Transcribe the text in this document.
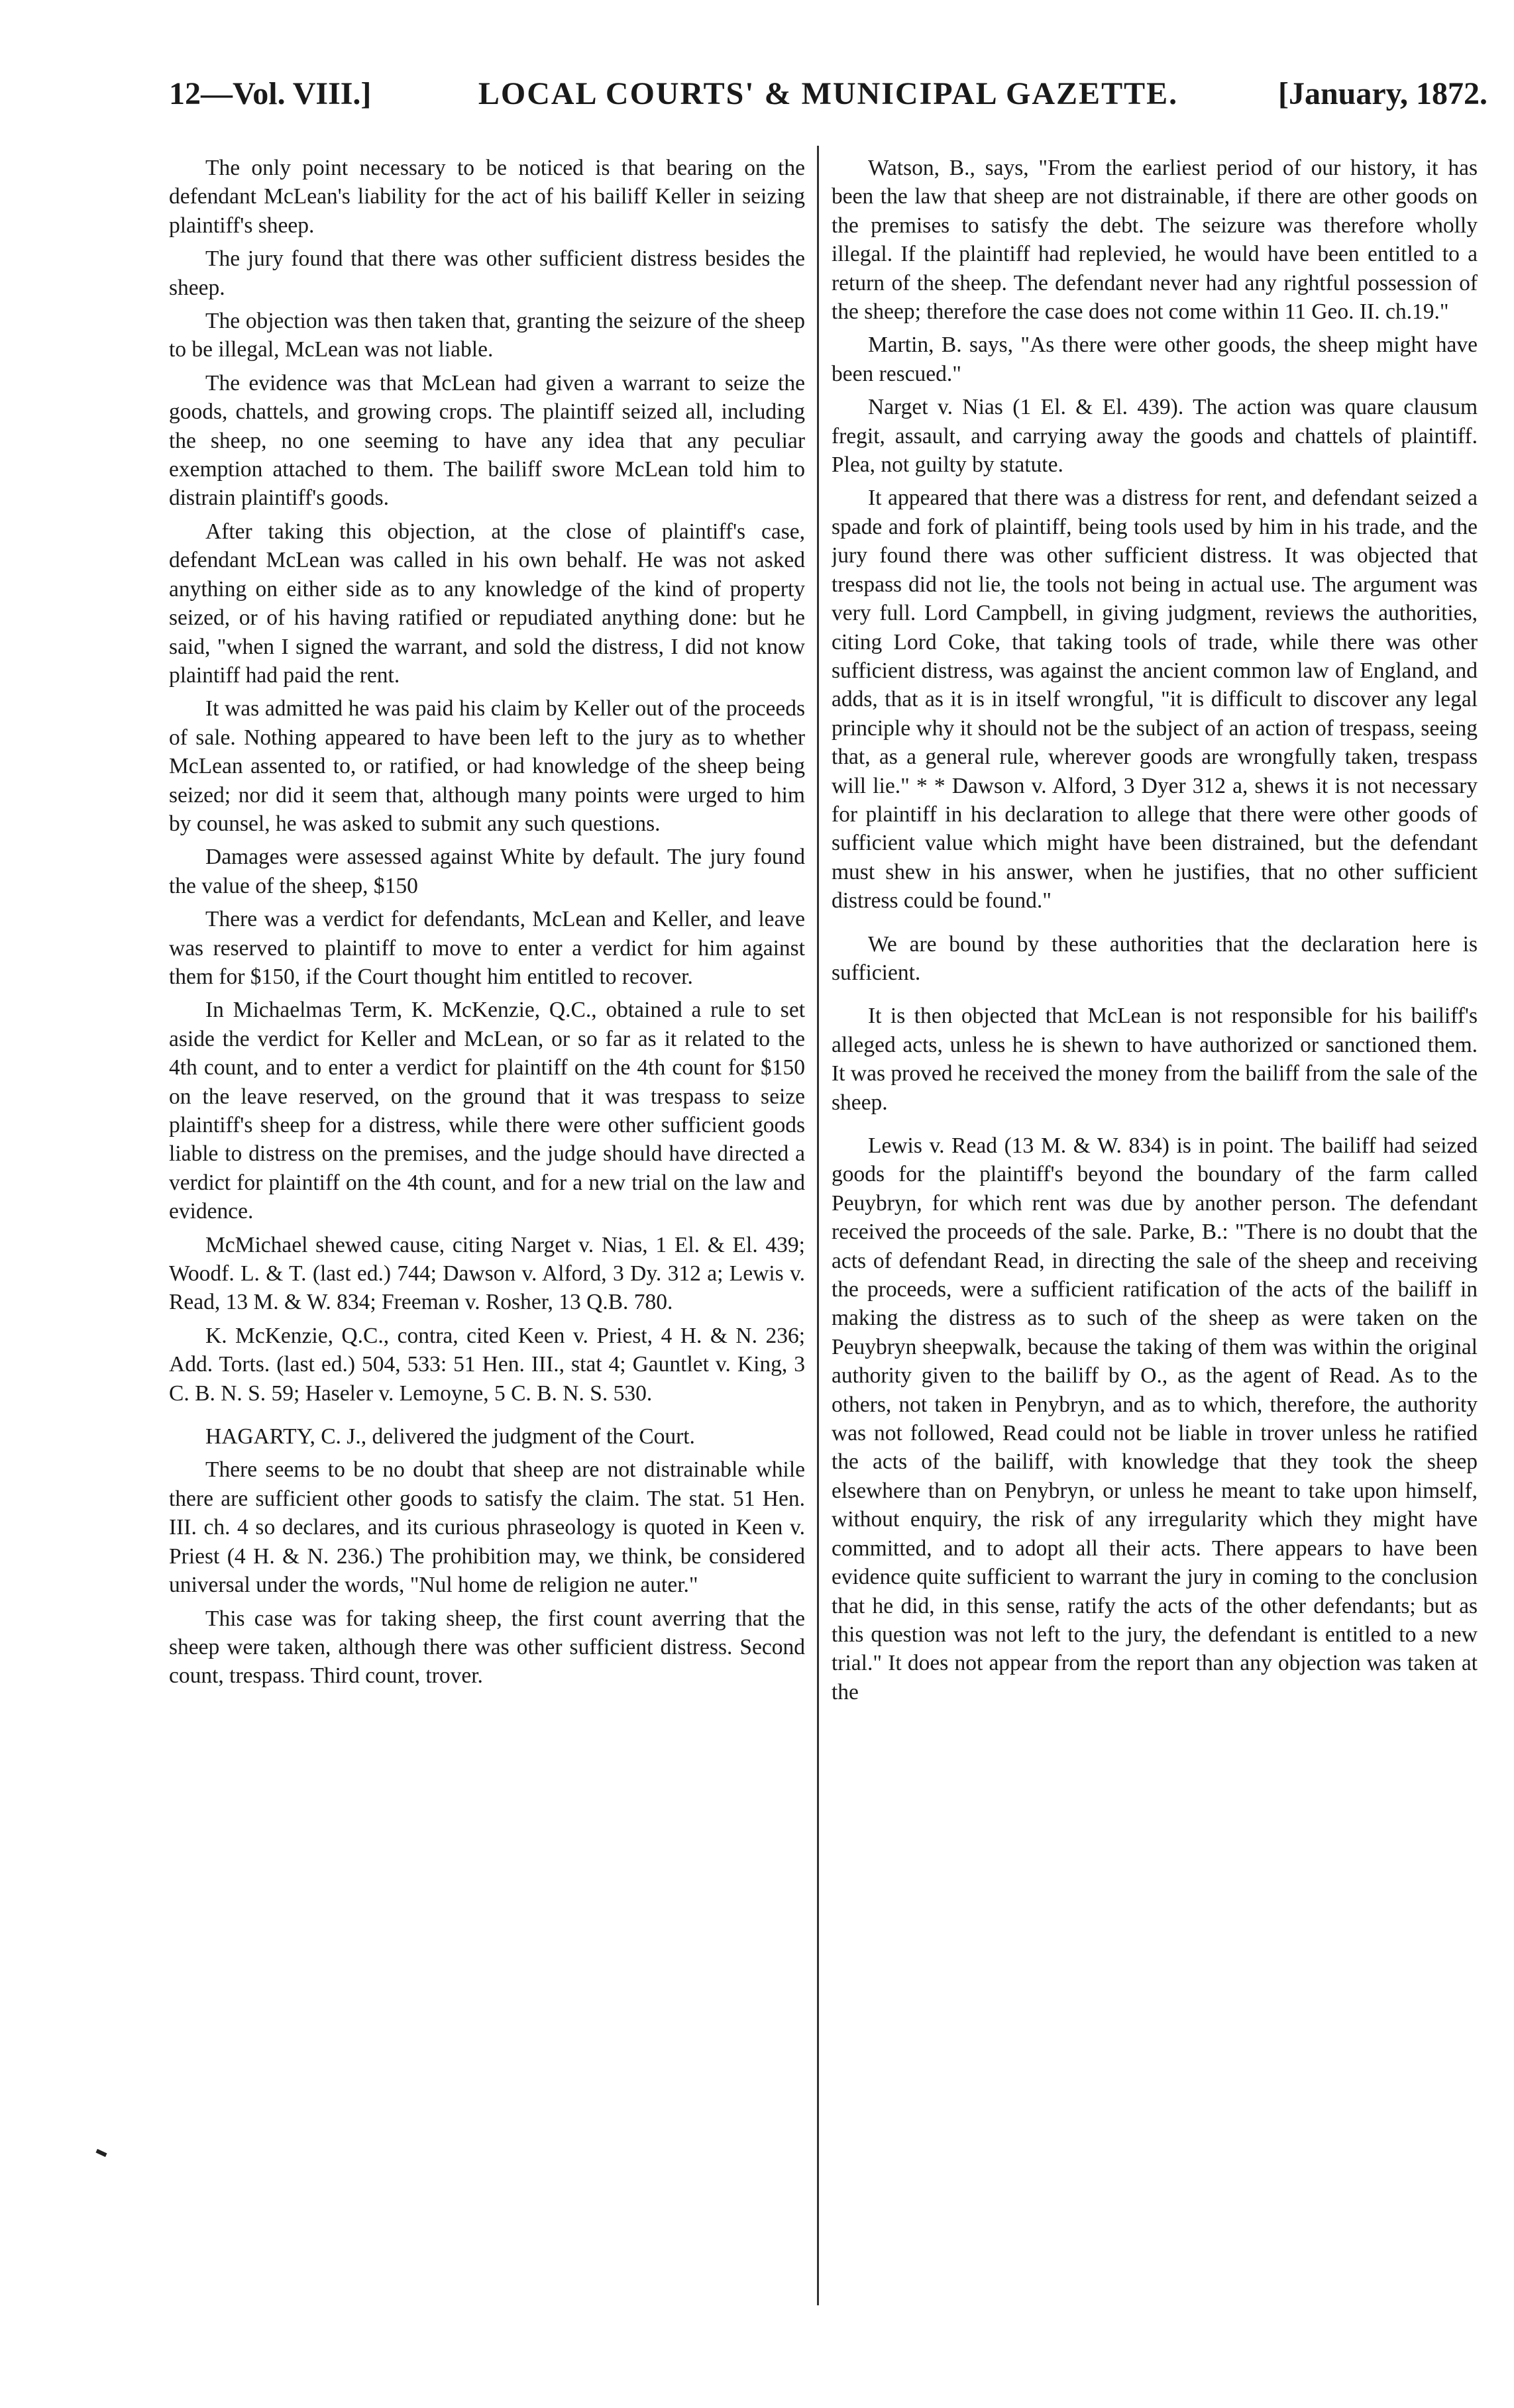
12—Vol. VIII.]	LOCAL COURTS' & MUNICIPAL GAZETTE.	[January, 1872.

The only point necessary to be noticed is that bearing on the defendant McLean's liability for the act of his bailiff Keller in seizing plaintiff's sheep.

The jury found that there was other sufficient distress besides the sheep.

The objection was then taken that, granting the seizure of the sheep to be illegal, McLean was not liable.

The evidence was that McLean had given a warrant to seize the goods, chattels, and growing crops. The plaintiff seized all, including the sheep, no one seeming to have any idea that any peculiar exemption attached to them. The bailiff swore McLean told him to distrain plaintiff's goods.

After taking this objection, at the close of plaintiff's case, defendant McLean was called in his own behalf. He was not asked anything on either side as to any knowledge of the kind of property seized, or of his having ratified or repudiated anything done: but he said, "when I signed the warrant, and sold the distress, I did not know plaintiff had paid the rent.

It was admitted he was paid his claim by Keller out of the proceeds of sale. Nothing appeared to have been left to the jury as to whether McLean assented to, or ratified, or had knowledge of the sheep being seized; nor did it seem that, although many points were urged to him by counsel, he was asked to submit any such questions.

Damages were assessed against White by default. The jury found the value of the sheep, $150

There was a verdict for defendants, McLean and Keller, and leave was reserved to plaintiff to move to enter a verdict for him against them for $150, if the Court thought him entitled to recover.

In Michaelmas Term, K. McKenzie, Q.C., obtained a rule to set aside the verdict for Keller and McLean, or so far as it related to the 4th count, and to enter a verdict for plaintiff on the 4th count for $150 on the leave reserved, on the ground that it was trespass to seize plaintiff's sheep for a distress, while there were other sufficient goods liable to distress on the premises, and the judge should have directed a verdict for plaintiff on the 4th count, and for a new trial on the law and evidence.

McMichael shewed cause, citing Narget v. Nias, 1 El. & El. 439; Woodf. L. & T. (last ed.) 744; Dawson v. Alford, 3 Dy. 312 a; Lewis v. Read, 13 M. & W. 834; Freeman v. Rosher, 13 Q.B. 780.

K. McKenzie, Q.C., contra, cited Keen v. Priest, 4 H. & N. 236; Add. Torts. (last ed.) 504, 533: 51 Hen. III., stat 4; Gauntlet v. King, 3 C. B. N. S. 59; Haseler v. Lemoyne, 5 C. B. N. S. 530.

HAGARTY, C. J., delivered the judgment of the Court.

There seems to be no doubt that sheep are not distrainable while there are sufficient other goods to satisfy the claim. The stat. 51 Hen. III. ch. 4 so declares, and its curious phraseology is quoted in Keen v. Priest (4 H. & N. 236.) The prohibition may, we think, be considered universal under the words, "Nul home de religion ne auter."

This case was for taking sheep, the first count averring that the sheep were taken, although there was other sufficient distress. Second count, trespass. Third count, trover.

Watson, B., says, "From the earliest period of our history, it has been the law that sheep are not distrainable, if there are other goods on the premises to satisfy the debt. The seizure was therefore wholly illegal. If the plaintiff had replevied, he would have been entitled to a return of the sheep. The defendant never had any rightful possession of the sheep; therefore the case does not come within 11 Geo. II. ch.19."

Martin, B. says, "As there were other goods, the sheep might have been rescued."

Narget v. Nias (1 El. & El. 439). The action was quare clausum fregit, assault, and carrying away the goods and chattels of plaintiff. Plea, not guilty by statute.

It appeared that there was a distress for rent, and defendant seized a spade and fork of plaintiff, being tools used by him in his trade, and the jury found there was other sufficient distress. It was objected that trespass did not lie, the tools not being in actual use. The argument was very full. Lord Campbell, in giving judgment, reviews the authorities, citing Lord Coke, that taking tools of trade, while there was other sufficient distress, was against the ancient common law of England, and adds, that as it is in itself wrongful, "it is difficult to discover any legal principle why it should not be the subject of an action of trespass, seeing that, as a general rule, wherever goods are wrongfully taken, trespass will lie." * * Dawson v. Alford, 3 Dyer 312 a, shews it is not necessary for plaintiff in his declaration to allege that there were other goods of sufficient value which might have been distrained, but the defendant must shew in his answer, when he justifies, that no other sufficient distress could be found."

We are bound by these authorities that the declaration here is sufficient.

It is then objected that McLean is not responsible for his bailiff's alleged acts, unless he is shewn to have authorized or sanctioned them. It was proved he received the money from the bailiff from the sale of the sheep.

Lewis v. Read (13 M. & W. 834) is in point. The bailiff had seized goods for the plaintiff's beyond the boundary of the farm called Peuybryn, for which rent was due by another person. The defendant received the proceeds of the sale. Parke, B.: "There is no doubt that the acts of defendant Read, in directing the sale of the sheep and receiving the proceeds, were a sufficient ratification of the acts of the bailiff in making the distress as to such of the sheep as were taken on the Peuybryn sheepwalk, because the taking of them was within the original authority given to the bailiff by O., as the agent of Read. As to the others, not taken in Penybryn, and as to which, therefore, the authority was not followed, Read could not be liable in trover unless he ratified the acts of the bailiff, with knowledge that they took the sheep elsewhere than on Penybryn, or unless he meant to take upon himself, without enquiry, the risk of any irregularity which they might have committed, and to adopt all their acts. There appears to have been evidence quite sufficient to warrant the jury in coming to the conclusion that he did, in this sense, ratify the acts of the other defendants; but as this question was not left to the jury, the defendant is entitled to a new trial." It does not appear from the report than any objection was taken at the
